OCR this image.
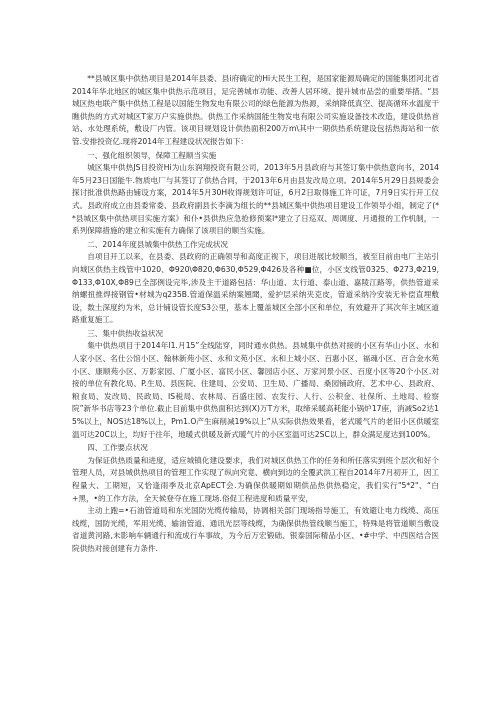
**县城区集中供热项目是2014年县委、县i府确定的Hi大民生工程，是国家能源局确定的国能集团河北省2014年华北地区的城区集中供热示范项目，足完善城市功能、改善人居环境、提升城市品尝的重要举措。“县城区热电联产集中供热工程是以国能生物发电有限公司的绿色能源为热源，采纳降低真空、提高循环水温度干瞧供热的方式对城区T家万户实施供热。供热工作采纳国能生物发电有限公司实施设备技术改造，建设供热首站、水处理系统，敷设厂内管。该项目规划设计供热面积200万m\其中一期供热系统建设包括热海站和一依管.安排投资亿.现将2014年工程建设状况报告如下：

一、强化组织领导，保障工程顺当实施

城区集中供热JS目投资Hi为山东润翔投资有限公司，2013年5月县政府与其签订集中供热意向书，2014年5月23日国能牛.物质电厂与其签订了供热合同，于2013年6月由县发改局立项。2014年5月29日县规委会探讨批准供热路由铺设方案，2014年5月30H收得规划许可证，6月2日取得施工许可证，7月9日实行开工仪式。县政府成立由县委常委、县政府副县长李滴为组长的**县城区集中供热项目建设工作领导小组，制定了(**县城区集中供热项目实施方案》和仆•县供热应急抢修预案l*建立了日巡双、周调度、月通报的工作机制，一系列保障措施的建立和实施有力确保了该项目的顺当实施。

二、2014年度县城集中供热工作完成状况

自项目开工以来，在县委、县政府的正确领导和高度正视下，项目进展比较顺当，被至目前由电厂主站引向城区供热主线管中1020、Φ920\Φ820,Φ630,Φ529,Φ426及各种■位，小区支线管0325、Φ273,Φ219,Φ133,Φ10X,Φ89已全部例设完毕,涉及主干道路包括：华山道、太行道、泰山道、嘉陵江路等，供热管道采纳螺扭推焊接钢管•材城为q235B.管道保温采纳案翘聞，爱护层采纳夹克皮，管道采纳冷安装无补偿直埋敷设，数土深度约为米，总计铺设管长度S3公里，基本上覆盖城区全部小区和单位，有效避开了其次年主城区道路重复施工。

三、集中供热收益状况

集中供热项目于2014年l1.月15”全线陆穿，同时通水供热。县城集中供热对接的小区有华山小区、水和人家小区、名仕公馆小区、翰林新苑小区、永和文苑小区、永和上城小区、百惠小区、福魂小区、百合金水苑小区、康顺苑小区、万影家园、广厦小区、富民小区、馨园店小区、万家河景小区、百度小区等20个小区.对接的单位有教化局、P.生局、县医院、住建局、公安局、卫生局、广播局、桑园铺政府、艺术中心、县政府、粮食局、发改局、民政局、IS税局、农林局、百盛庄园、农发行、人行、公积金、社保所、土地局、检察院”新华书店等23个单位.截止目前集中供热面积达到(X)万T方米，取缔采暖高耗能小锅炉17座，消减So2达15%以上，NOS达18%以上，Pm1.O产生麻削减19%以上”从实际供热效果看，老式暖气片的老旧小区供暖室温可达20C以上，均好于往年，地暖式供暖及新式暖气片的小区室温可达2SC以上，群众满足度达到100%。

四、工作要点状况

为保证供热质量和进度，适应城镇化建设要求，我们对城区供热工作的任务和所任落实到班个层次和好个管理人员，对县城供热项目的管理工作实现了纵向究竟、横向到边的全覆武洪工程自2014年7月初开工，因工程量大、工期短，又恰逢雨季及北京ApECT会.为确保供暖期如期供品热供热稳定，我们实行"5*2"、“白+黑，•的工作方法，全天候登夺在施工现场.俗促工程进度和质量平安，

主动上跑=•石油管道局和东光国防光缆传输局，协调相关部门现场指导施工，有效避让电力线缆、高压线缆，国防光缆，军用光缆、输油管道、通讯光层等线缆，为确保供热管线顺当施工，特殊是将管道顺当敷设省道黄河路,未影响车辆通行和流成行车事故，为今后万宏锻础、银泰国际精品小区、•#中学、中西医结合医院供热对接创建有力条件.
